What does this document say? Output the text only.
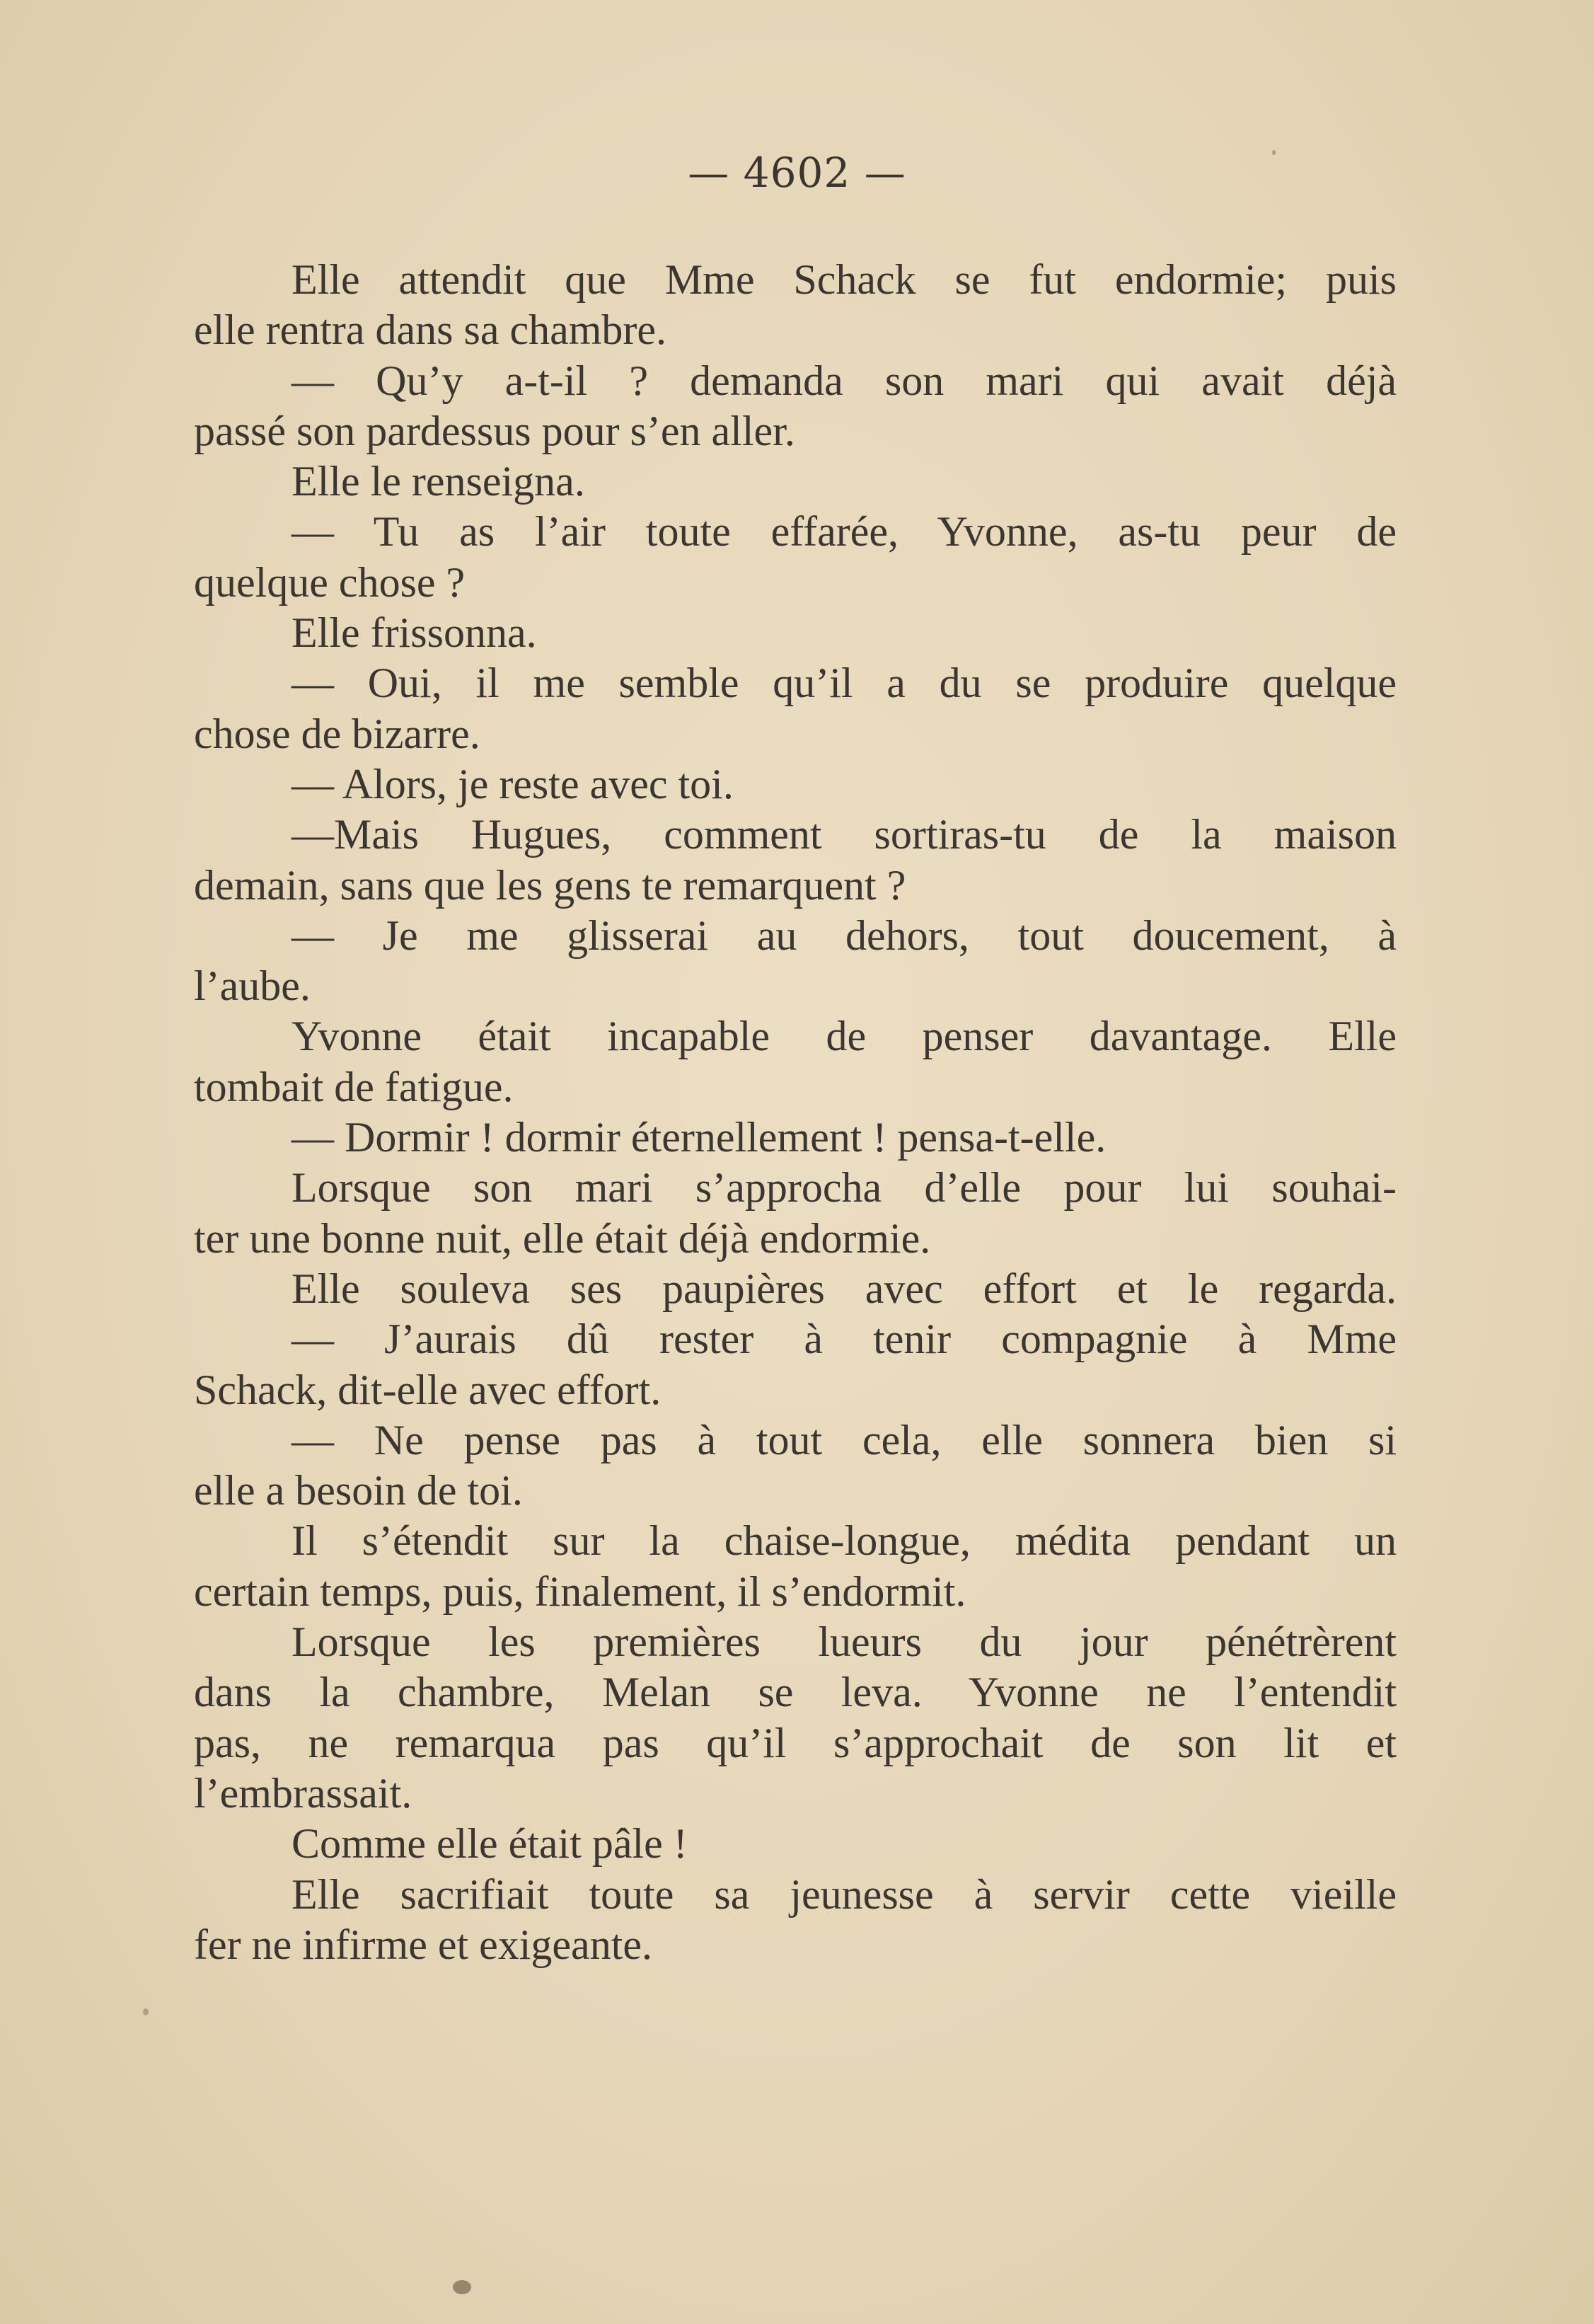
— 4602 —
Elle attendit que Mme Schack se fut endormie; puis
elle rentra dans sa chambre.
— Qu’y a-t-il ? demanda son mari qui avait déjà
passé son pardessus pour s’en aller.
Elle le renseigna.
— Tu as l’air toute effarée, Yvonne, as-tu peur de
quelque chose ?
Elle frissonna.
— Oui, il me semble qu’il a du se produire quelque
chose de bizarre.
— Alors, je reste avec toi.
—Mais Hugues, comment sortiras-tu de la maison
demain, sans que les gens te remarquent ?
— Je me glisserai au dehors, tout doucement, à
l’aube.
Yvonne était incapable de penser davantage. Elle
tombait de fatigue.
— Dormir ! dormir éternellement ! pensa-t-elle.
Lorsque son mari s’approcha d’elle pour lui souhai-
ter une bonne nuit, elle était déjà endormie.
Elle souleva ses paupières avec effort et le regarda.
— J’aurais dû rester à tenir compagnie à Mme
Schack, dit-elle avec effort.
— Ne pense pas à tout cela, elle sonnera bien si
elle a besoin de toi.
Il s’étendit sur la chaise-longue, médita pendant un
certain temps, puis, finalement, il s’endormit.
Lorsque les premières lueurs du jour pénétrèrent
dans la chambre, Melan se leva. Yvonne ne l’entendit
pas, ne remarqua pas qu’il s’approchait de son lit et
l’embrassait.
Comme elle était pâle !
Elle sacrifiait toute sa jeunesse à servir cette vieille
fer ne infirme et exigeante.
